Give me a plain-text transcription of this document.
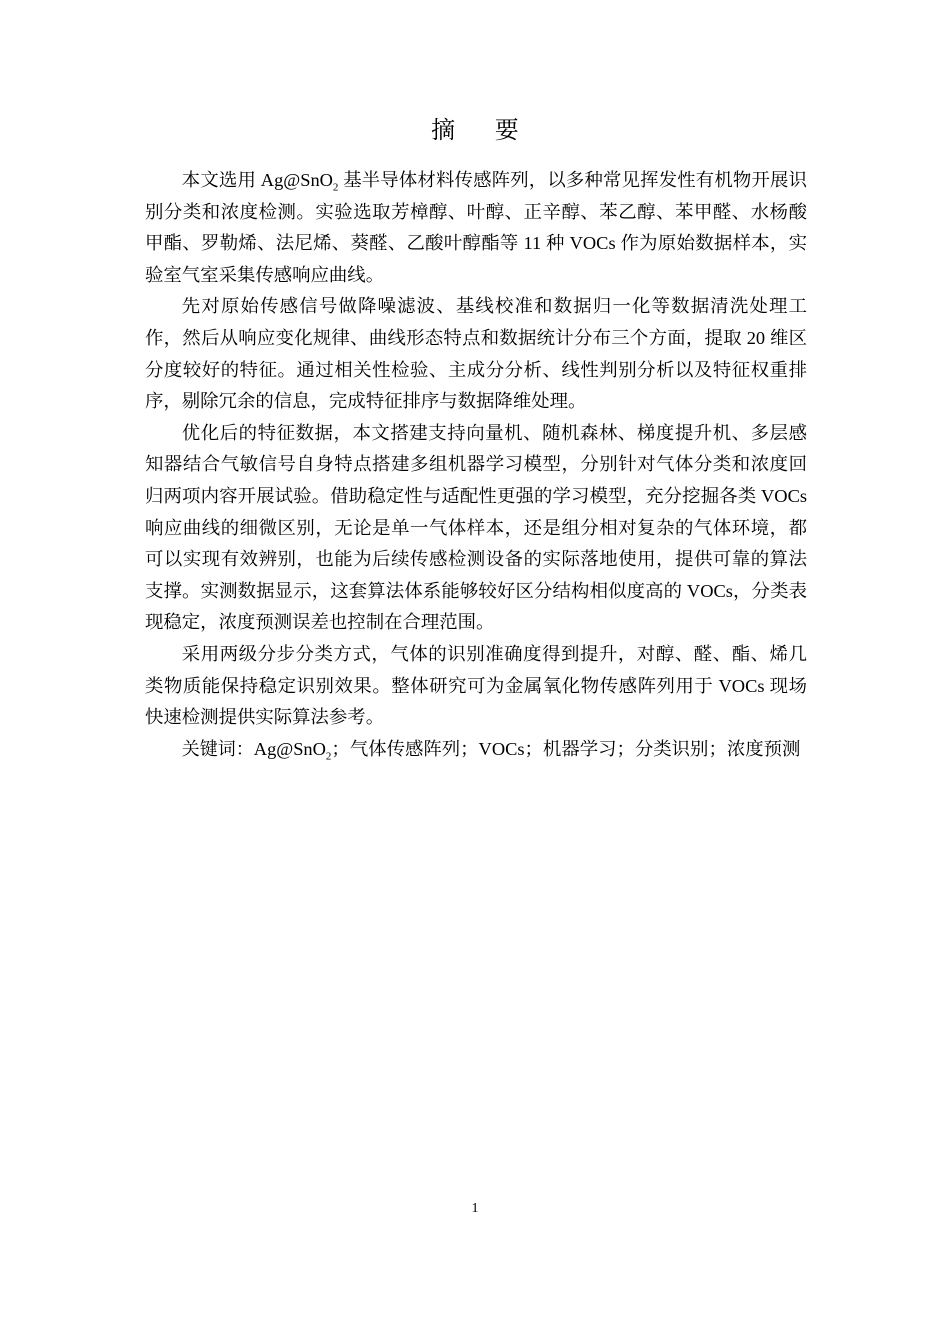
摘 要

本文选用 Ag@SnO$_2$ 基半导体材料传感阵列，以多种常见挥发性有机物开展识别分类和浓度检测。实验选取芳樟醇、叶醇、正辛醇、苯乙醇、苯甲醛、水杨酸甲酯、罗勒烯、法尼烯、葵醛、乙酸叶醇酯等 11 种 VOCs 作为原始数据样本，实验室气室采集传感响应曲线。

先对原始传感信号做降噪滤波、基线校准和数据归一化等数据清洗处理工作，然后从响应变化规律、曲线形态特点和数据统计分布三个方面，提取 20 维区分度较好的特征。通过相关性检验、主成分分析、线性判别分析以及特征权重排序，剔除冗余的信息，完成特征排序与数据降维处理。

优化后的特征数据，本文搭建支持向量机、随机森林、梯度提升机、多层感知器结合气敏信号自身特点搭建多组机器学习模型，分别针对气体分类和浓度回归两项内容开展试验。借助稳定性与适配性更强的学习模型，充分挖掘各类 VOCs 响应曲线的细微区别，无论是单一气体样本，还是组分相对复杂的气体环境，都可以实现有效辨别，也能为后续传感检测设备的实际落地使用，提供可靠的算法支撑。实测数据显示，这套算法体系能够较好区分结构相似度高的 VOCs，分类表现稳定，浓度预测误差也控制在合理范围。

采用两级分步分类方式，气体的识别准确度得到提升，对醇、醛、酯、烯几类物质能保持稳定识别效果。整体研究可为金属氧化物传感阵列用于 VOCs 现场快速检测提供实际算法参考。

关键词：Ag@SnO$_2$；气体传感阵列；VOCs；机器学习；分类识别；浓度预测

1
